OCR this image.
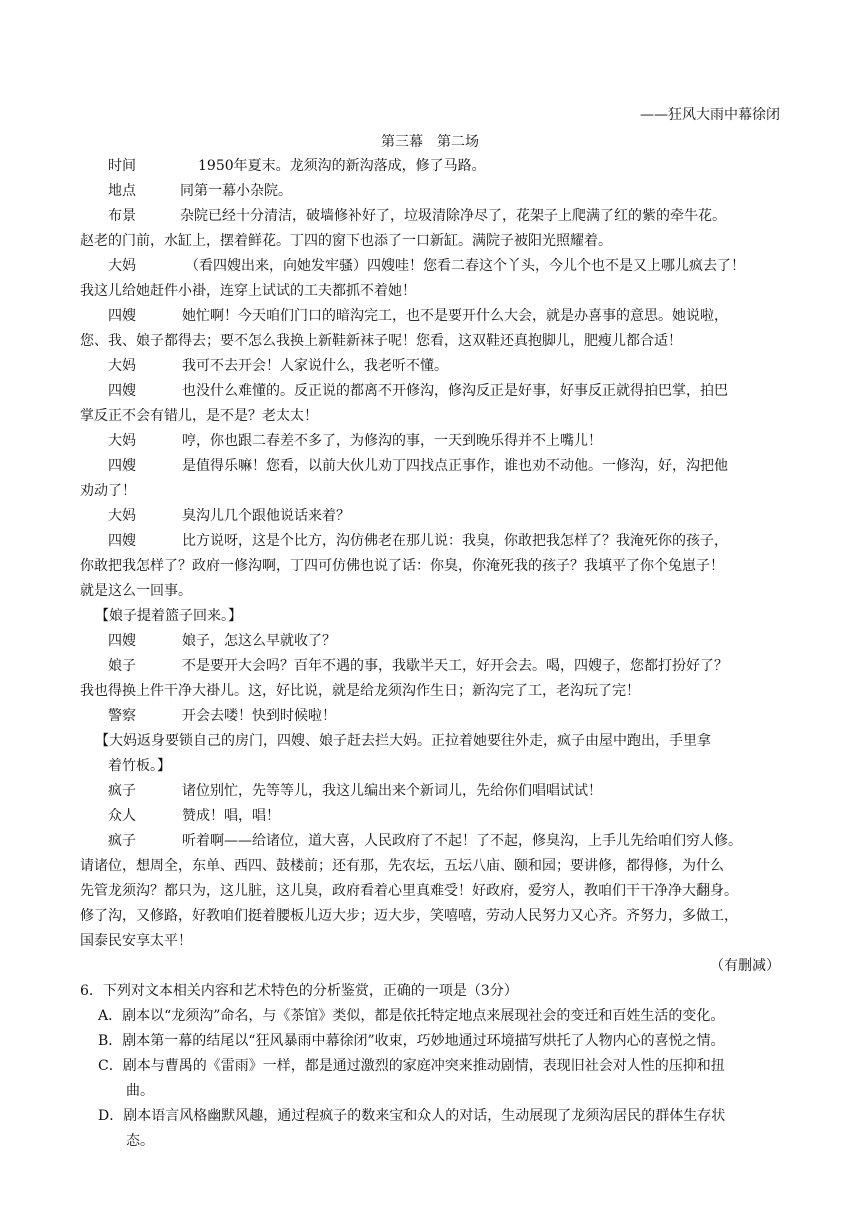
——狂风大雨中幕徐闭
第三幕　第二场
时间	1950年夏末。龙须沟的新沟落成，修了马路。
地点	同第一幕小杂院。
布景	杂院已经十分清洁，破墙修补好了，垃圾清除净尽了，花架子上爬满了红的紫的牵牛花。
赵老的门前，水缸上，摆着鲜花。丁四的窗下也添了一口新缸。满院子被阳光照耀着。
大妈	（看四嫂出来，向她发牢骚）四嫂哇！您看二春这个丫头，今儿个也不是又上哪儿疯去了！
我这儿给她赶件小褂，连穿上试试的工夫都抓不着她！
四嫂	她忙啊！今天咱们门口的暗沟完工，也不是要开什么大会，就是办喜事的意思。她说啦，
您、我、娘子都得去；要不怎么我换上新鞋新袜子呢！您看，这双鞋还真抱脚儿，肥瘦儿都合适！
大妈	我可不去开会！人家说什么，我老听不懂。
四嫂	也没什么难懂的。反正说的都离不开修沟，修沟反正是好事，好事反正就得拍巴掌，拍巴
掌反正不会有错儿，是不是？老太太！
大妈	哼，你也跟二春差不多了，为修沟的事，一天到晚乐得并不上嘴儿！
四嫂	是值得乐嘛！您看，以前大伙儿劝丁四找点正事作，谁也劝不动他。一修沟，好，沟把他
劝动了！
大妈	臭沟儿几个跟他说话来着？
四嫂	比方说呀，这是个比方，沟仿佛老在那儿说：我臭，你敢把我怎样了？我淹死你的孩子，
你敢把我怎样了？政府一修沟啊，丁四可仿佛也说了话：你臭，你淹死我的孩子？我填平了你个兔崽子！
就是这么一回事。
【娘子提着篮子回来。】
四嫂	娘子，怎这么早就收了？
娘子	不是要开大会吗？百年不遇的事，我歇半天工，好开会去。喝，四嫂子，您都打扮好了？
我也得换上件干净大褂儿。这，好比说，就是给龙须沟作生日；新沟完了工，老沟玩了完！
警察	开会去喽！快到时候啦！
【大妈返身要锁自己的房门，四嫂、娘子赶去拦大妈。正拉着她要往外走，疯子由屋中跑出，手里拿
着竹板。】
疯子	诸位别忙，先等等儿，我这儿编出来个新词儿，先给你们唱唱试试！
众人	赞成！唱，唱！
疯子	听着啊——给诸位，道大喜，人民政府了不起！了不起，修臭沟，上手儿先给咱们穷人修。
请诸位，想周全，东单、西四、鼓楼前；还有那，先农坛，五坛八庙、颐和园；要讲修，都得修，为什么
先管龙须沟？都只为，这儿脏，这儿臭，政府看着心里真难受！好政府，爱穷人，教咱们干干净净大翻身。
修了沟，又修路，好教咱们挺着腰板儿迈大步；迈大步，笑嘻嘻，劳动人民努力又心齐。齐努力，多做工，
国泰民安享太平！
（有删减）
6．下列对文本相关内容和艺术特色的分析鉴赏，正确的一项是（3分）
A．剧本以“龙须沟”命名，与《茶馆》类似，都是依托特定地点来展现社会的变迁和百姓生活的变化。
B．剧本第一幕的结尾以“狂风暴雨中幕徐闭”收束，巧妙地通过环境描写烘托了人物内心的喜悦之情。
C．剧本与曹禺的《雷雨》一样，都是通过激烈的家庭冲突来推动剧情，表现旧社会对人性的压抑和扭
曲。
D．剧本语言风格幽默风趣，通过程疯子的数来宝和众人的对话，生动展现了龙须沟居民的群体生存状
态。
